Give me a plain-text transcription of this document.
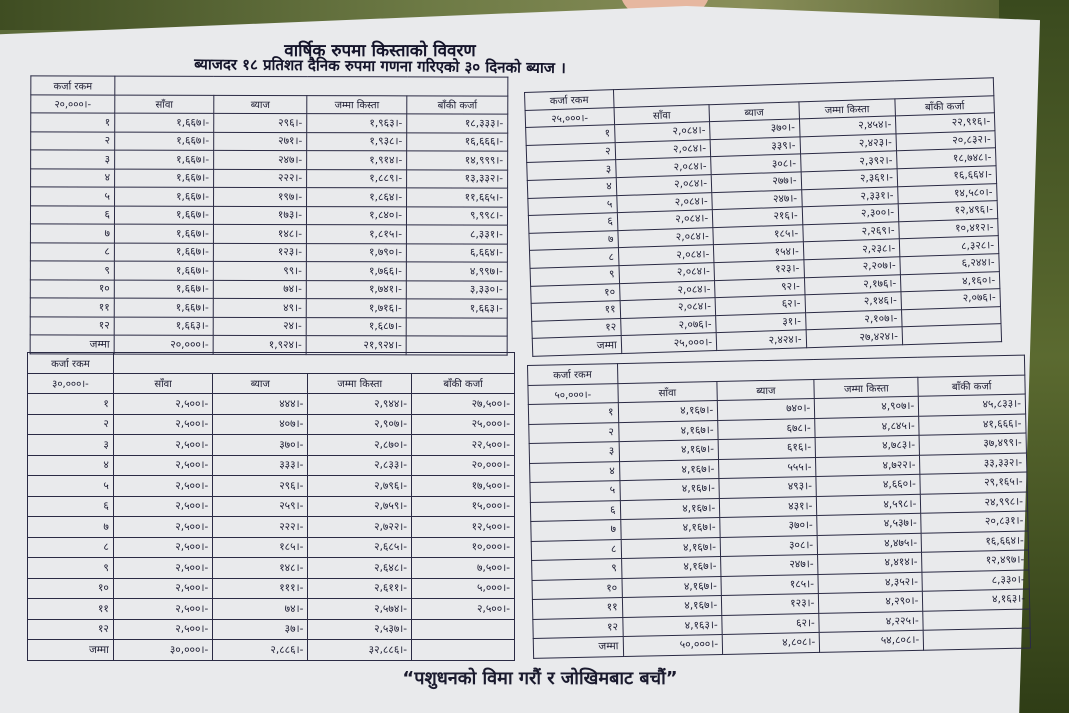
वार्षिक रुपमा किस्ताको विवरण
ब्याजदर १८ प्रतिशत दैनिक रुपमा गणना गरिएको ३० दिनको ब्याज ।
कर्जा रकम				
२०,०००।-	साँवा	ब्याज	जम्मा किस्ता	बाँकी कर्जा
१	१,६६७।-	२९६।-	१,९६३।-	१८,३३३।-
२	१,६६७।-	२७१।-	१,९३८।-	१६,६६६।-
३	१,६६७।-	२४७।-	१,९१४।-	१४,९९९।-
४	१,६६७।-	२२२।-	१,८८९।-	१३,३३२।-
५	१,६६७।-	१९७।-	१,८६४।-	११,६६५।-
६	१,६६७।-	१७३।-	१,८४०।-	९,९९८।-
७	१,६६७।-	१४८।-	१,८१५।-	८,३३१।-
८	१,६६७।-	१२३।-	१,७९०।-	६,६६४।-
९	१,६६७।-	९९।-	१,७६६।-	४,९९७।-
१०	१,६६७।-	७४।-	१,७४१।-	३,३३०।-
११	१,६६७।-	४९।-	१,७१६।-	१,६६३।-
१२	१,६६३।-	२४।-	१,६८७।-	
जम्मा	२०,०००।-	१,९२४।-	२१,९२४।-	
कर्जा रकम				
२५,०००।-	साँवा	ब्याज	जम्मा किस्ता	बाँकी कर्जा
१	२,०८४।-	३७०।-	२,४५४।-	२२,९१६।-
२	२,०८४।-	३३९।-	२,४२३।-	२०,८३२।-
३	२,०८४।-	३०८।-	२,३९२।-	१८,७४८।-
४	२,०८४।-	२७७।-	२,३६१।-	१६,६६४।-
५	२,०८४।-	२४७।-	२,३३१।-	१४,५८०।-
६	२,०८४।-	२१६।-	२,३००।-	१२,४९६।-
७	२,०८४।-	१८५।-	२,२६९।-	१०,४१२।-
८	२,०८४।-	१५४।-	२,२३८।-	८,३२८।-
९	२,०८४।-	१२३।-	२,२०७।-	६,२४४।-
१०	२,०८४।-	९२।-	२,१७६।-	४,१६०।-
११	२,०८४।-	६२।-	२,१४६।-	२,०७६।-
१२	२,०७६।-	३१।-	२,१०७।-	
जम्मा	२५,०००।-	२,४२४।-	२७,४२४।-	
कर्जा रकम				
३०,०००।-	साँवा	ब्याज	जम्मा किस्ता	बाँकी कर्जा
१	२,५००।-	४४४।-	२,९४४।-	२७,५००।-
२	२,५००।-	४०७।-	२,९०७।-	२५,०००।-
३	२,५००।-	३७०।-	२,८७०।-	२२,५००।-
४	२,५००।-	३३३।-	२,८३३।-	२०,०००।-
५	२,५००।-	२९६।-	२,७९६।-	१७,५००।-
६	२,५००।-	२५९।-	२,७५९।-	१५,०००।-
७	२,५००।-	२२२।-	२,७२२।-	१२,५००।-
८	२,५००।-	१८५।-	२,६८५।-	१०,०००।-
९	२,५००।-	१४८।-	२,६४८।-	७,५००।-
१०	२,५००।-	१११।-	२,६११।-	५,०००।-
११	२,५००।-	७४।-	२,५७४।-	२,५००।-
१२	२,५००।-	३७।-	२,५३७।-	
जम्मा	३०,०००।-	२,८८६।-	३२,८८६।-	
कर्जा रकम				
५०,०००।-	साँवा	ब्याज	जम्मा किस्ता	बाँकी कर्जा
१	४,१६७।-	७४०।-	४,९०७।-	४५,८३३।-
२	४,१६७।-	६७८।-	४,८४५।-	४१,६६६।-
३	४,१६७।-	६१६।-	४,७८३।-	३७,४९९।-
४	४,१६७।-	५५५।-	४,७२२।-	३३,३३२।-
५	४,१६७।-	४९३।-	४,६६०।-	२९,१६५।-
६	४,१६७।-	४३१।-	४,५९८।-	२४,९९८।-
७	४,१६७।-	३७०।-	४,५३७।-	२०,८३१।-
८	४,१६७।-	३०८।-	४,४७५।-	१६,६६४।-
९	४,१६७।-	२४७।-	४,४१४।-	१२,४९७।-
१०	४,१६७।-	१८५।-	४,३५२।-	८,३३०।-
११	४,१६७।-	१२३।-	४,२९०।-	४,१६३।-
१२	४,१६३।-	६२।-	४,२२५।-	
जम्मा	५०,०००।-	४,८०८।-	५४,८०८।-	
“पशुधनको विमा गरौं र जोखिमबाट बचौं”
